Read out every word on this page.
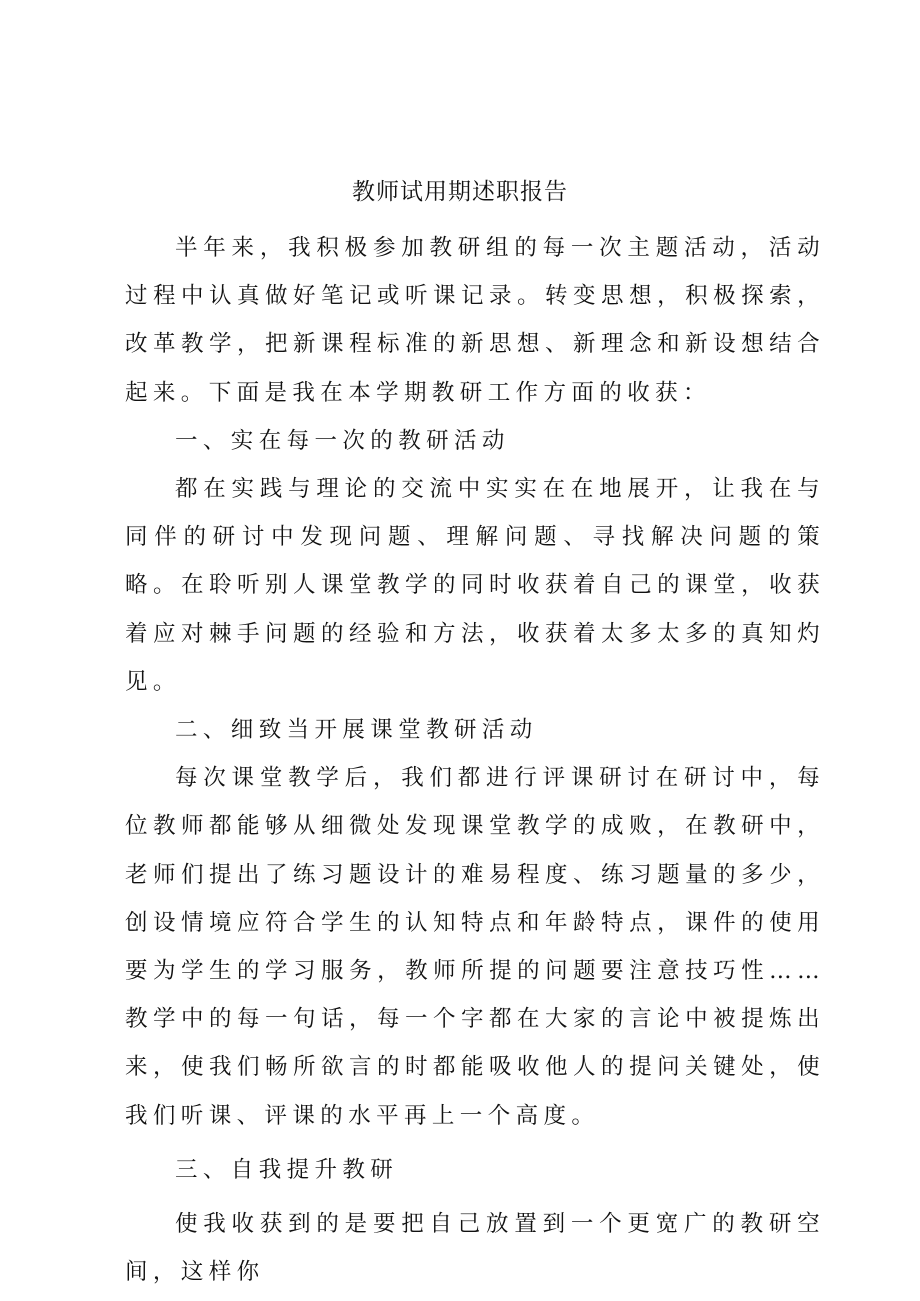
教师试用期述职报告

半年来，我积极参加教研组的每一次主题活动，活动过程中认真做好笔记或听课记录。转变思想，积极探索，改革教学，把新课程标准的新思想、新理念和新设想结合起来。下面是我在本学期教研工作方面的收获：

一、实在每一次的教研活动

都在实践与理论的交流中实实在在地展开，让我在与同伴的研讨中发现问题、理解问题、寻找解决问题的策略。在聆听别人课堂教学的同时收获着自己的课堂，收获着应对棘手问题的经验和方法，收获着太多太多的真知灼见。

二、细致当开展课堂教研活动

每次课堂教学后，我们都进行评课研讨在研讨中，每位教师都能够从细微处发现课堂教学的成败，在教研中，老师们提出了练习题设计的难易程度、练习题量的多少，创设情境应符合学生的认知特点和年龄特点，课件的使用要为学生的学习服务，教师所提的问题要注意技巧性……教学中的每一句话，每一个字都在大家的言论中被提炼出来，使我们畅所欲言的时都能吸收他人的提问关键处，使我们听课、评课的水平再上一个高度。

三、自我提升教研

使我收获到的是要把自己放置到一个更宽广的教研空间，这样你
